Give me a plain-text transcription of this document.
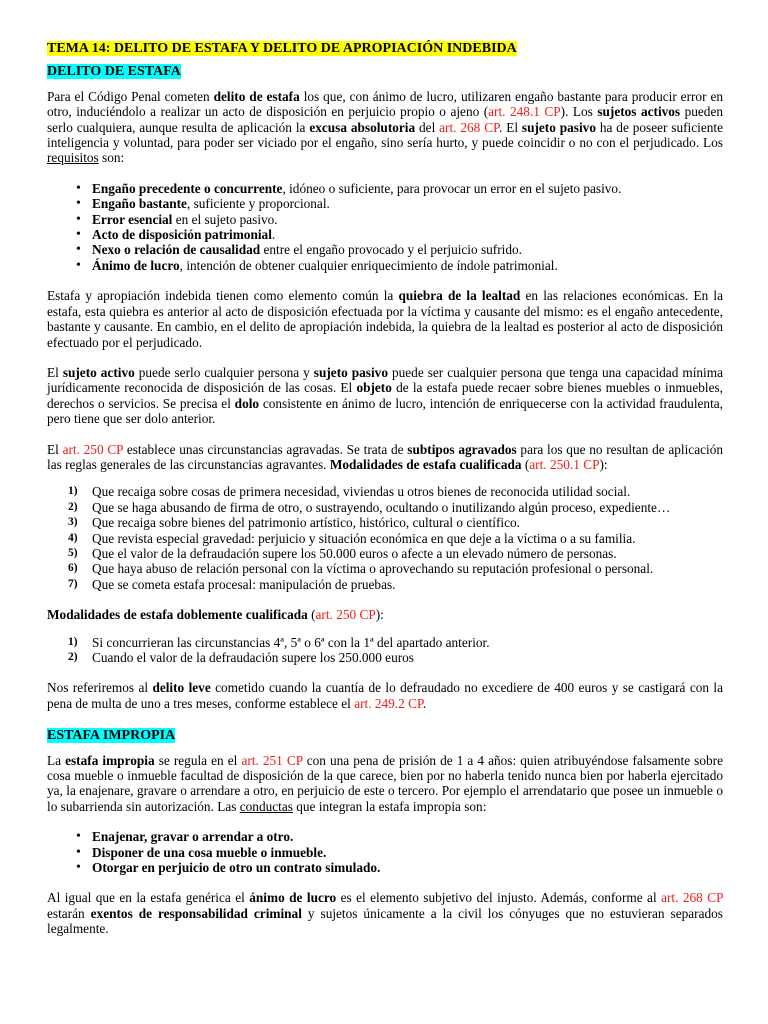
TEMA 14: DELITO DE ESTAFA Y DELITO DE APROPIACIÓN INDEBIDA
DELITO DE ESTAFA

Para el Código Penal cometen delito de estafa los que, con ánimo de lucro, utilizaren engaño bastante para producir error en otro, induciéndolo a realizar un acto de disposición en perjuicio propio o ajeno (art. 248.1 CP). Los sujetos activos pueden serlo cualquiera, aunque resulta de aplicación la excusa absolutoria del art. 268 CP. El sujeto pasivo ha de poseer suficiente inteligencia y voluntad, para poder ser viciado por el engaño, sino sería hurto, y puede coincidir o no con el perjudicado. Los requisitos son:

• Engaño precedente o concurrente, idóneo o suficiente, para provocar un error en el sujeto pasivo.
• Engaño bastante, suficiente y proporcional.
• Error esencial en el sujeto pasivo.
• Acto de disposición patrimonial.
• Nexo o relación de causalidad entre el engaño provocado y el perjuicio sufrido.
• Ánimo de lucro, intención de obtener cualquier enriquecimiento de índole patrimonial.

Estafa y apropiación indebida tienen como elemento común la quiebra de la lealtad en las relaciones económicas. En la estafa, esta quiebra es anterior al acto de disposición efectuada por la víctima y causante del mismo: es el engaño antecedente, bastante y causante. En cambio, en el delito de apropiación indebida, la quiebra de la lealtad es posterior al acto de disposición efectuado por el perjudicado.

El sujeto activo puede serlo cualquier persona y sujeto pasivo puede ser cualquier persona que tenga una capacidad mínima jurídicamente reconocida de disposición de las cosas. El objeto de la estafa puede recaer sobre bienes muebles o inmuebles, derechos o servicios. Se precisa el dolo consistente en ánimo de lucro, intención de enriquecerse con la actividad fraudulenta, pero tiene que ser dolo anterior.

El art. 250 CP establece unas circunstancias agravadas. Se trata de subtipos agravados para los que no resultan de aplicación las reglas generales de las circunstancias agravantes. Modalidades de estafa cualificada (art. 250.1 CP):

1) Que recaiga sobre cosas de primera necesidad, viviendas u otros bienes de reconocida utilidad social.
2) Que se haga abusando de firma de otro, o sustrayendo, ocultando o inutilizando algún proceso, expediente…
3) Que recaiga sobre bienes del patrimonio artístico, histórico, cultural o científico.
4) Que revista especial gravedad: perjuicio y situación económica en que deje a la víctima o a su familia.
5) Que el valor de la defraudación supere los 50.000 euros o afecte a un elevado número de personas.
6) Que haya abuso de relación personal con la víctima o aprovechando su reputación profesional o personal.
7) Que se cometa estafa procesal: manipulación de pruebas.

Modalidades de estafa doblemente cualificada (art. 250 CP):

1) Si concurrieran las circunstancias 4ª, 5ª o 6ª con la 1ª del apartado anterior.
2) Cuando el valor de la defraudación supere los 250.000 euros

Nos referiremos al delito leve cometido cuando la cuantía de lo defraudado no excediere de 400 euros y se castigará con la pena de multa de uno a tres meses, conforme establece el art. 249.2 CP.

ESTAFA IMPROPIA

La estafa impropia se regula en el art. 251 CP con una pena de prisión de 1 a 4 años: quien atribuyéndose falsamente sobre cosa mueble o inmueble facultad de disposición de la que carece, bien por no haberla tenido nunca bien por haberla ejercitado ya, la enajenare, gravare o arrendare a otro, en perjuicio de este o tercero. Por ejemplo el arrendatario que posee un inmueble o lo subarrienda sin autorización. Las conductas que integran la estafa impropia son:

• Enajenar, gravar o arrendar a otro.
• Disponer de una cosa mueble o inmueble.
• Otorgar en perjuicio de otro un contrato simulado.

Al igual que en la estafa genérica el ánimo de lucro es el elemento subjetivo del injusto. Además, conforme al art. 268 CP estarán exentos de responsabilidad criminal y sujetos únicamente a la civil los cónyuges que no estuvieran separados legalmente.
